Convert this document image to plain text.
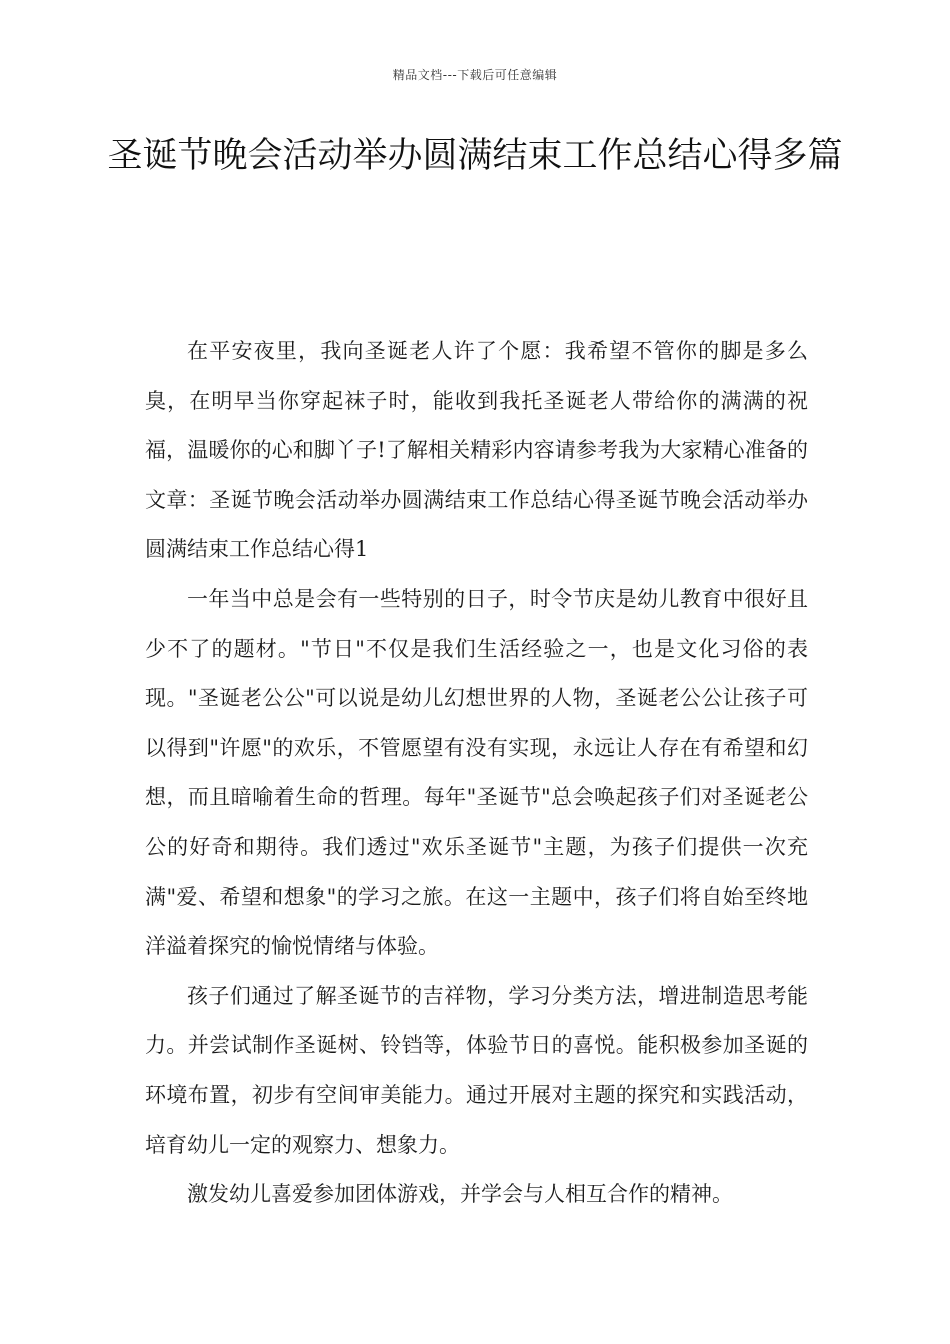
精品文档---下载后可任意编辑
圣诞节晚会活动举办圆满结束工作总结心得多篇

在平安夜里，我向圣诞老人许了个愿：我希望不管你的脚是多么臭，在明早当你穿起袜子时，能收到我托圣诞老人带给你的满满的祝福，温暖你的心和脚丫子!了解相关精彩内容请参考我为大家精心准备的文章：圣诞节晚会活动举办圆满结束工作总结心得圣诞节晚会活动举办圆满结束工作总结心得1

一年当中总是会有一些特别的日子，时令节庆是幼儿教育中很好且少不了的题材。"节日"不仅是我们生活经验之一，也是文化习俗的表现。"圣诞老公公"可以说是幼儿幻想世界的人物，圣诞老公公让孩子可以得到"许愿"的欢乐，不管愿望有没有实现，永远让人存在有希望和幻想，而且暗喻着生命的哲理。每年"圣诞节"总会唤起孩子们对圣诞老公公的好奇和期待。我们透过"欢乐圣诞节"主题，为孩子们提供一次充满"爱、希望和想象"的学习之旅。在这一主题中，孩子们将自始至终地洋溢着探究的愉悦情绪与体验。

孩子们通过了解圣诞节的吉祥物，学习分类方法，增进制造思考能力。并尝试制作圣诞树、铃铛等，体验节日的喜悦。能积极参加圣诞的环境布置，初步有空间审美能力。通过开展对主题的探究和实践活动，培育幼儿一定的观察力、想象力。

激发幼儿喜爱参加团体游戏，并学会与人相互合作的精神。
